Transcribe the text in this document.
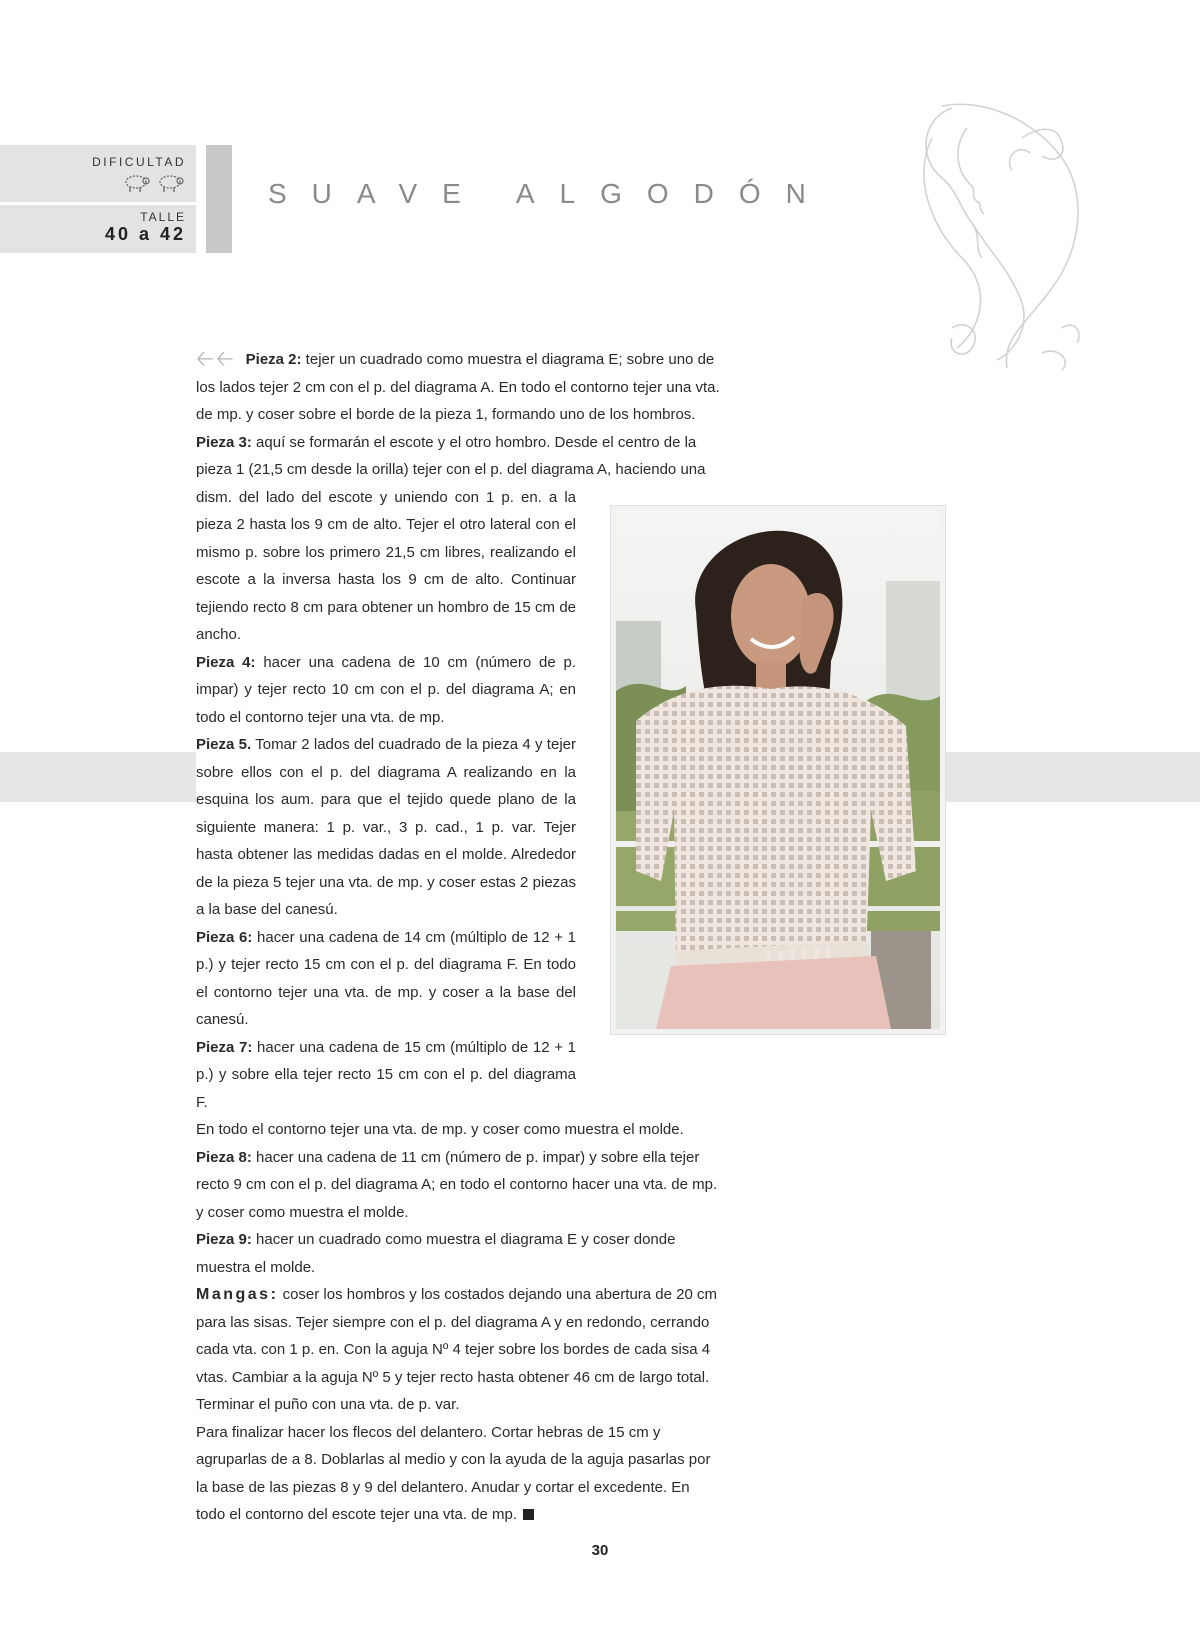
DIFICULTAD
TALLE
40 a 42
SUAVE ALGODÓN

🡠🡠 Pieza 2: tejer un cuadrado como muestra el diagrama E; sobre uno de los lados tejer 2 cm con el p. del diagrama A. En todo el contorno tejer una vta. de mp. y coser sobre el borde de la pieza 1, formando uno de los hombros.

Pieza 3: aquí se formarán el escote y el otro hombro. Desde el centro de la pieza 1 (21,5 cm desde la orilla) tejer con el p. del diagrama A, haciendo una

dism. del lado del escote y uniendo con 1 p. en. a la pieza 2 hasta los 9 cm de alto. Tejer el otro lateral con el mismo p. sobre los primero 21,5 cm libres, realizando el escote a la inversa hasta los 9 cm de alto. Continuar tejiendo recto 8 cm para obtener un hombro de 15 cm de ancho.

Pieza 4: hacer una cadena de 10 cm (número de p. impar) y tejer recto 10 cm con el p. del diagrama A; en todo el contorno tejer una vta. de mp.

Pieza 5. Tomar 2 lados del cuadrado de la pieza 4 y tejer sobre ellos con el p. del diagrama A realizando en la esquina los aum. para que el tejido quede plano de la siguiente manera: 1 p. var., 3 p. cad., 1 p. var. Tejer hasta obtener las medidas dadas en el molde. Alrededor de la pieza 5 tejer una vta. de mp. y coser estas 2 piezas a la base del canesú.

Pieza 6: hacer una cadena de 14 cm (múltiplo de 12 + 1 p.) y tejer recto 15 cm con el p. del diagrama F. En todo el contorno tejer una vta. de mp. y coser a la base del canesú.

Pieza 7: hacer una cadena de 15 cm (múltiplo de 12 + 1 p.) y sobre ella tejer recto 15 cm con el p. del diagrama F.

En todo el contorno tejer una vta. de mp. y coser como muestra el molde.

Pieza 8: hacer una cadena de 11 cm (número de p. impar) y sobre ella tejer recto 9 cm con el p. del diagrama A; en todo el contorno hacer una vta. de mp. y coser como muestra el molde.

Pieza 9: hacer un cuadrado como muestra el diagrama E y coser donde muestra el molde.

Mangas: coser los hombros y los costados dejando una abertura de 20 cm para las sisas. Tejer siempre con el p. del diagrama A y en redondo, cerrando cada vta. con 1 p. en. Con la aguja Nº 4 tejer sobre los bordes de cada sisa 4 vtas. Cambiar a la aguja Nº 5 y tejer recto hasta obtener 46 cm de largo total. Terminar el puño con una vta. de p. var.

Para finalizar hacer los flecos del delantero. Cortar hebras de 15 cm y agruparlas de a 8. Doblarlas al medio y con la ayuda de la aguja pasarlas por la base de las piezas 8 y 9 del delantero. Anudar y cortar el excedente. En todo el contorno del escote tejer una vta. de mp.

30
